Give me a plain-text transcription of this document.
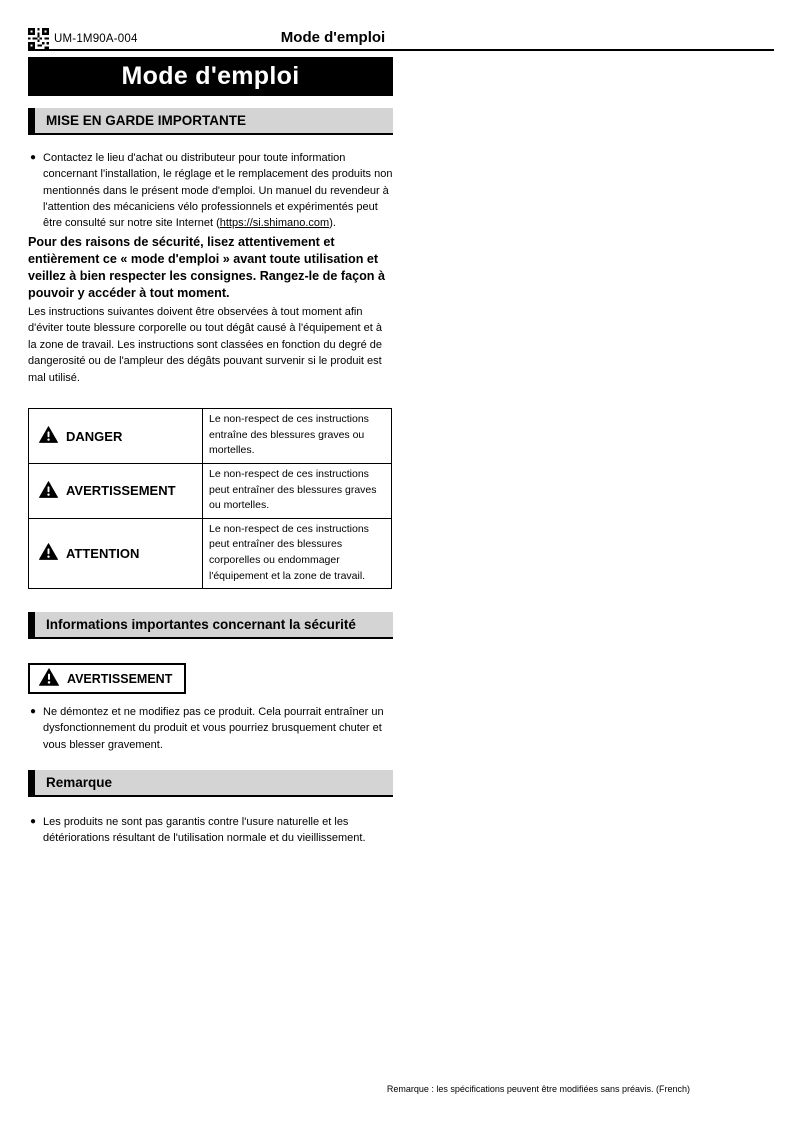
UM-1M90A-004	Mode d'emploi
Mode d'emploi
MISE EN GARDE IMPORTANTE
● Contactez le lieu d'achat ou distributeur pour toute information concernant l'installation, le réglage et le remplacement des produits non mentionnés dans le présent mode d'emploi. Un manuel du revendeur à l'attention des mécaniciens vélo professionnels et expérimentés peut être consulté sur notre site Internet (https://si.shimano.com).

Pour des raisons de sécurité, lisez attentivement et entièrement ce « mode d'emploi » avant toute utilisation et veillez à bien respecter les consignes. Rangez-le de façon à pouvoir y accéder à tout moment.

Les instructions suivantes doivent être observées à tout moment afin d'éviter toute blessure corporelle ou tout dégât causé à l'équipement et à la zone de travail. Les instructions sont classées en fonction du degré de dangerosité ou de l'ampleur des dégâts pouvant survenir si le produit est mal utilisé.

DANGER	Le non-respect de ces instructions entraîne des blessures graves ou mortelles.

AVERTISSEMENT	Le non-respect de ces instructions peut entraîner des blessures graves ou mortelles.

ATTENTION	Le non-respect de ces instructions peut entraîner des blessures corporelles ou endommager l'équipement et la zone de travail.
Informations importantes concernant la sécurité
AVERTISSEMENT
● Ne démontez et ne modifiez pas ce produit. Cela pourrait entraîner un dysfonctionnement du produit et vous pourriez brusquement chuter et vous blesser gravement.
Remarque
● Les produits ne sont pas garantis contre l'usure naturelle et les détériorations résultant de l'utilisation normale et du vieillissement.
Remarque : les spécifications peuvent être modifiées sans préavis. (French)
